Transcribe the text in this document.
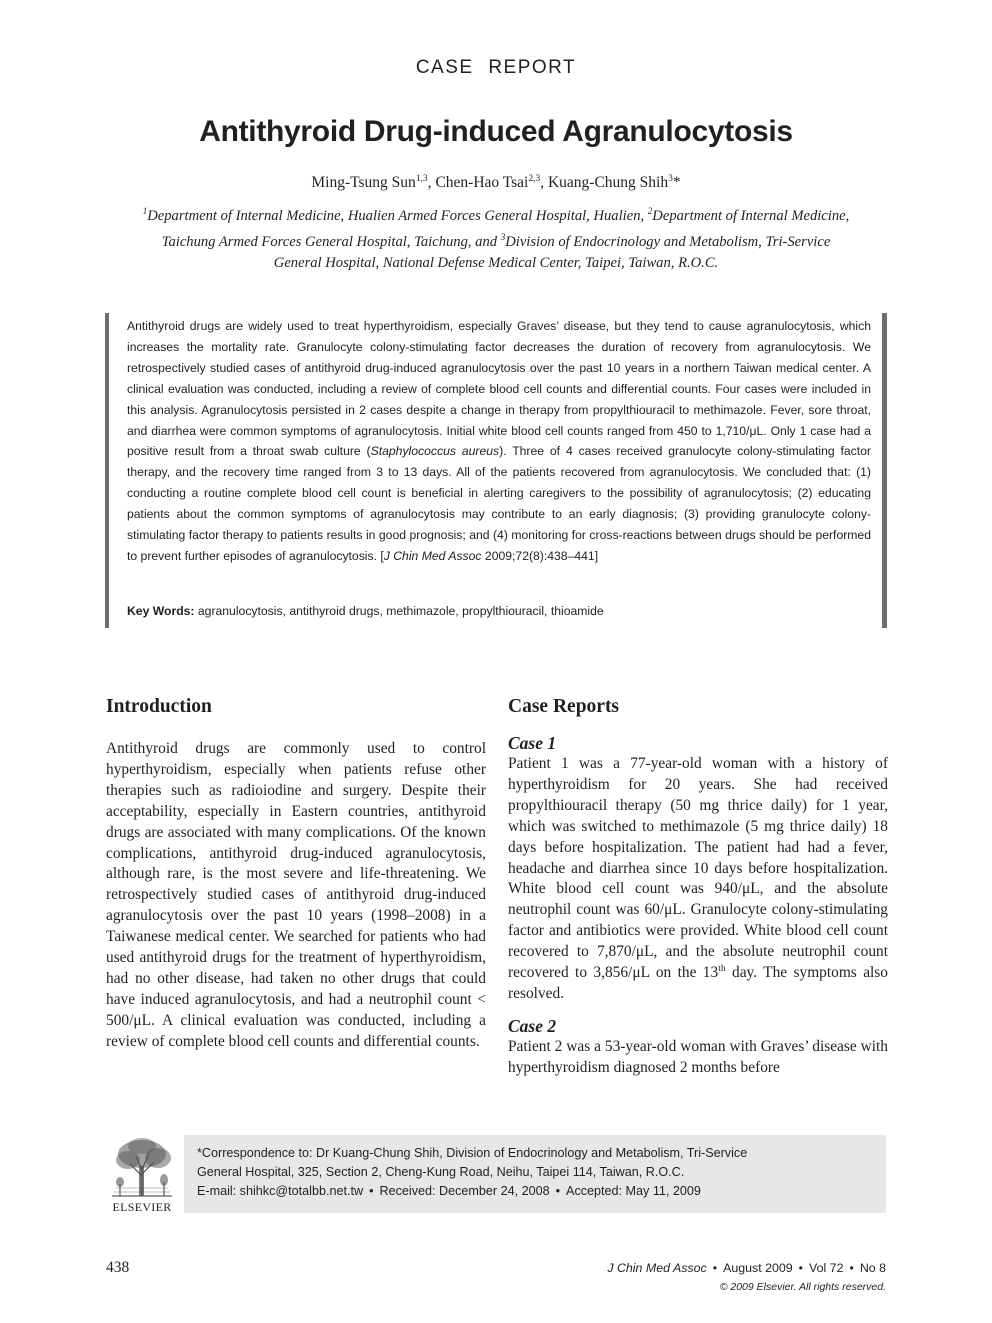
CASE REPORT
Antithyroid Drug-induced Agranulocytosis
Ming-Tsung Sun$^{1,3}$, Chen-Hao Tsai$^{2,3}$, Kuang-Chung Shih$^3$*
$^1$Department of Internal Medicine, Hualien Armed Forces General Hospital, Hualien, $^2$Department of Internal Medicine, Taichung Armed Forces General Hospital, Taichung, and $^3$Division of Endocrinology and Metabolism, Tri-Service General Hospital, National Defense Medical Center, Taipei, Taiwan, R.O.C.
Antithyroid drugs are widely used to treat hyperthyroidism, especially Graves’ disease, but they tend to cause agranulocytosis, which increases the mortality rate. Granulocyte colony-stimulating factor decreases the duration of recovery from agranulocytosis. We retrospectively studied cases of antithyroid drug-induced agranulocytosis over the past 10 years in a northern Taiwan medical center. A clinical evaluation was conducted, including a review of complete blood cell counts and differential counts. Four cases were included in this analysis. Agranulocytosis persisted in 2 cases despite a change in therapy from propylthiouracil to methimazole. Fever, sore throat, and diarrhea were common symptoms of agranulocytosis. Initial white blood cell counts ranged from 450 to 1,710/μL. Only 1 case had a positive result from a throat swab culture (Staphylococcus aureus). Three of 4 cases received granulocyte colony-stimulating factor therapy, and the recovery time ranged from 3 to 13 days. All of the patients recovered from agranulocytosis. We concluded that: (1) conducting a routine complete blood cell count is beneficial in alerting caregivers to the possibility of agranulocytosis; (2) educating patients about the common symptoms of agranulocytosis may contribute to an early diagnosis; (3) providing granulocyte colony-stimulating factor therapy to patients results in good prognosis; and (4) monitoring for cross-reactions between drugs should be performed to prevent further episodes of agranulocytosis. [J Chin Med Assoc 2009;72(8):438–441]
Key Words: agranulocytosis, antithyroid drugs, methimazole, propylthiouracil, thioamide
Introduction

Antithyroid drugs are commonly used to control hyperthyroidism, especially when patients refuse other therapies such as radioiodine and surgery. Despite their acceptability, especially in Eastern countries, antithyroid drugs are associated with many complications. Of the known complications, antithyroid drug-induced agranulocytosis, although rare, is the most severe and life-threatening. We retrospectively studied cases of antithyroid drug-induced agranulocytosis over the past 10 years (1998–2008) in a Taiwanese medical center. We searched for patients who had used antithyroid drugs for the treatment of hyperthyroidism, had no other disease, had taken no other drugs that could have induced agranulocytosis, and had a neutrophil count < 500/μL. A clinical evaluation was conducted, including a review of complete blood cell counts and differential counts.

Case Reports
Case 1

Patient 1 was a 77-year-old woman with a history of hyperthyroidism for 20 years. She had received propylthiouracil therapy (50 mg thrice daily) for 1 year, which was switched to methimazole (5 mg thrice daily) 18 days before hospitalization. The patient had had a fever, headache and diarrhea since 10 days before hospitalization. White blood cell count was 940/μL, and the absolute neutrophil count was 60/μL. Granulocyte colony-stimulating factor and antibiotics were provided. White blood cell count recovered to 7,870/μL, and the absolute neutrophil count recovered to 3,856/μL on the 13th day. The symptoms also resolved.

Case 2

Patient 2 was a 53-year-old woman with Graves’ disease with hyperthyroidism diagnosed 2 months before

ELSEVIER
*Correspondence to: Dr Kuang-Chung Shih, Division of Endocrinology and Metabolism, Tri-Service
General Hospital, 325, Section 2, Cheng-Kung Road, Neihu, Taipei 114, Taiwan, R.O.C.
E-mail: shihkc@totalbb.net.tw • Received: December 24, 2008 • Accepted: May 11, 2009
438	J Chin Med Assoc • August 2009 • Vol 72 • No 8
© 2009 Elsevier. All rights reserved.
